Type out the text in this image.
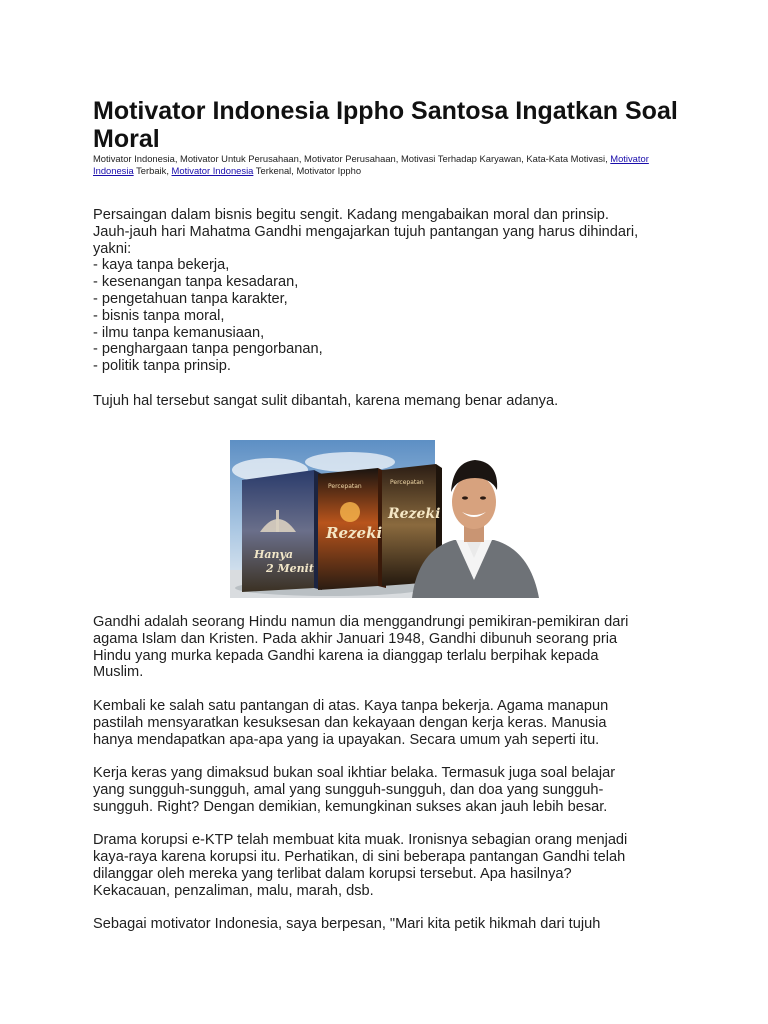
Motivator Indonesia Ippho Santosa Ingatkan Soal Moral
Motivator Indonesia, Motivator Untuk Perusahaan, Motivator Perusahaan, Motivasi Terhadap Karyawan, Kata-Kata Motivasi, Motivator Indonesia Terbaik, Motivator Indonesia Terkenal, Motivator Ippho
Persaingan dalam bisnis begitu sengit. Kadang mengabaikan moral dan prinsip.
Jauh-jauh hari Mahatma Gandhi mengajarkan tujuh pantangan yang harus dihindari,
yakni:
- kaya tanpa bekerja,
- kesenangan tanpa kesadaran,
- pengetahuan tanpa karakter,
- bisnis tanpa moral,
- ilmu tanpa kemanusiaan,
- penghargaan tanpa pengorbanan,
- politik tanpa prinsip.
Tujuh hal tersebut sangat sulit dibantah, karena memang benar adanya.
Hanya
2 Menit
Percepatan
Rezeki
Percepatan
Rezeki
Gandhi adalah seorang Hindu namun dia menggandrungi pemikiran-pemikiran dari
agama Islam dan Kristen. Pada akhir Januari 1948, Gandhi dibunuh seorang pria
Hindu yang murka kepada Gandhi karena ia dianggap terlalu berpihak kepada
Muslim.
Kembali ke salah satu pantangan di atas. Kaya tanpa bekerja. Agama manapun
pastilah mensyaratkan kesuksesan dan kekayaan dengan kerja keras. Manusia
hanya mendapatkan apa-apa yang ia upayakan. Secara umum yah seperti itu.
Kerja keras yang dimaksud bukan soal ikhtiar belaka. Termasuk juga soal belajar
yang sungguh-sungguh, amal yang sungguh-sungguh, dan doa yang sungguh-
sungguh. Right? Dengan demikian, kemungkinan sukses akan jauh lebih besar.
Drama korupsi e-KTP telah membuat kita muak. Ironisnya sebagian orang menjadi
kaya-raya karena korupsi itu. Perhatikan, di sini beberapa pantangan Gandhi telah
dilanggar oleh mereka yang terlibat dalam korupsi tersebut. Apa hasilnya?
Kekacauan, penzaliman, malu, marah, dsb.
Sebagai motivator Indonesia, saya berpesan, "Mari kita petik hikmah dari tujuh
